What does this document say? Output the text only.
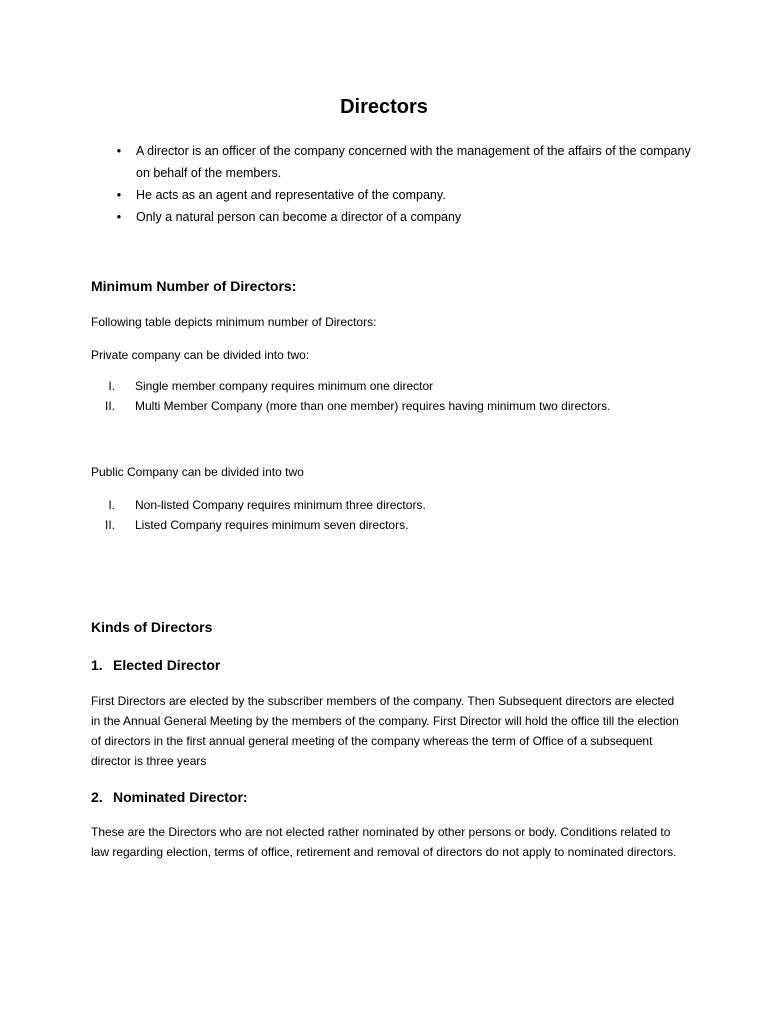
Directors
•	A director is an officer of the company concerned with the management of the affairs of the company on behalf of the members.
•	He acts as an agent and representative of the company.
•	Only a natural person can become a director of a company
Minimum Number of Directors:

Following table depicts minimum number of Directors:

Private company can be divided into two:

I. Single member company requires minimum one director
II. Multi Member Company (more than one member) requires having minimum two directors.

Public Company can be divided into two

I. Non-listed Company requires minimum three directors.
II. Listed Company requires minimum seven directors.
Kinds of Directors
1. Elected Director

First Directors are elected by the subscriber members of the company. Then Subsequent directors are elected in the Annual General Meeting by the members of the company. First Director will hold the office till the election of directors in the first annual general meeting of the company whereas the term of Office of a subsequent director is three years

2. Nominated Director:

These are the Directors who are not elected rather nominated by other persons or body. Conditions related to law regarding election, terms of office, retirement and removal of directors do not apply to nominated directors.
